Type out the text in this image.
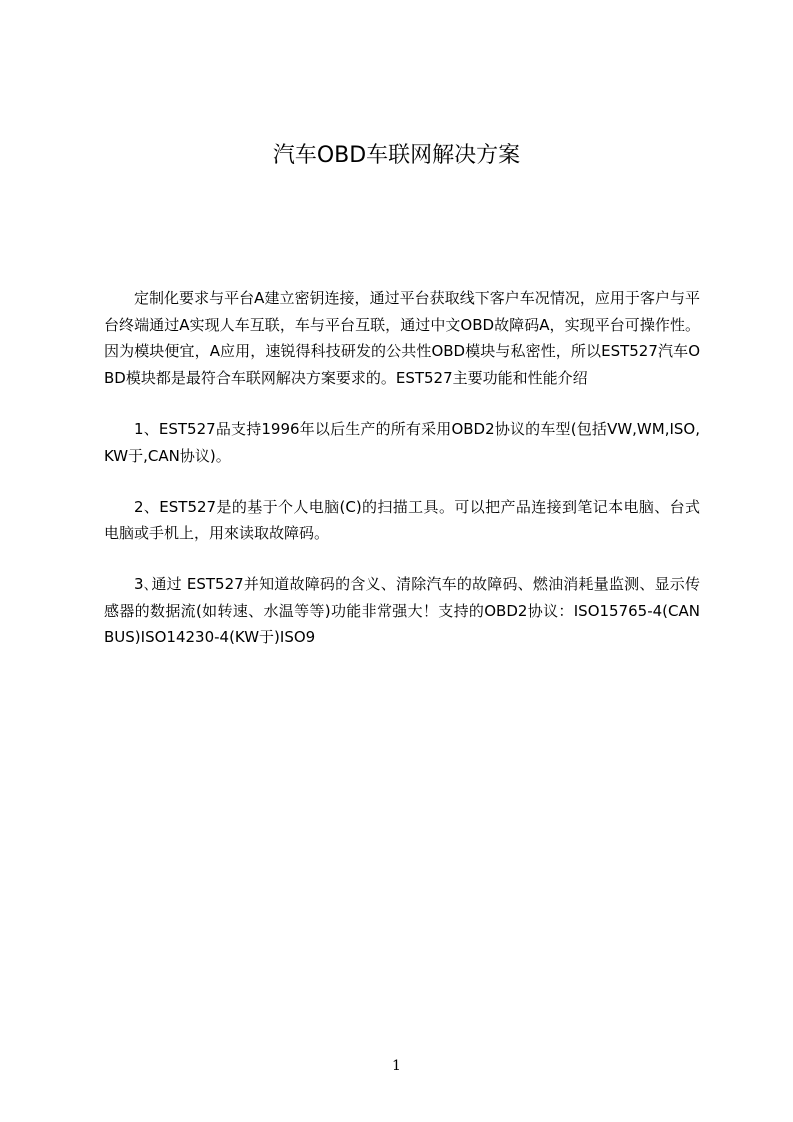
汽车OBD车联网解决方案

定制化要求与平台A建立密钥连接，通过平台获取线下客户车况情况，应用于客户与平台终端通过A实现人车互联，车与平台互联，通过中文OBD故障码A，实现平台可操作性。因为模块便宜，A应用，速锐得科技研发的公共性OBD模块与私密性，所以EST527汽车OBD模块都是最符合车联网解决方案要求的。EST527主要功能和性能介绍

1、EST527品支持1996年以后生产的所有采用OBD2协议的车型(包括VW,WM,ISO,KW于,CAN协议)。

2、EST527是的基于个人电脑(C)的扫描工具。可以把产品连接到笔记本电脑、台式电脑或手机上，用來读取故障码。

3､通过 EST527并知道故障码的含义、清除汽车的故障码、燃油消耗量监测、显示传感器的数据流(如转速、水温等等)功能非常强大！支持的OBD2协议：ISO15765-4(CANBUS)ISO14230-4(KW于)ISO9

1
